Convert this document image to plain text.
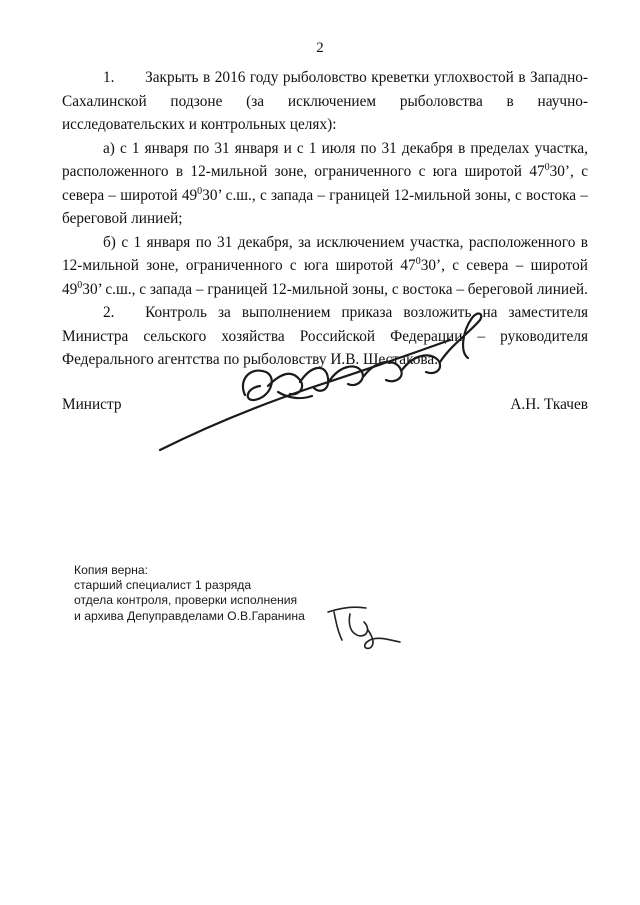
2

1.  Закрыть в 2016 году рыболовство креветки углохвостой в Западно-Сахалинской подзоне (за исключением рыболовства в научно-исследовательских и контрольных целях):

а) с 1 января по 31 января и с 1 июля по 31 декабря в пределах участка, расположенного в 12-мильной зоне, ограниченного с юга широтой $47^030$’, с севера – широтой $49^030$’ с.ш., с запада – границей 12-мильной зоны, с востока – береговой линией;

б) с 1 января по 31 декабря, за исключением участка, расположенного в 12-мильной зоне, ограниченного с юга широтой $47^030$’, с севера – широтой $49^030$’ с.ш., с запада – границей 12-мильной зоны, с востока – береговой линией.

2.  Контроль за выполнением приказа возложить на заместителя Министра сельского хозяйства Российской Федерации – руководителя Федерального агентства по рыболовству И.В. Шестакова.

Министр	А.Н. Ткачев
Копия верна:
старший специалист 1 разряда
отдела контроля, проверки исполнения
и архива Депуправделами О.В.Гаранина
